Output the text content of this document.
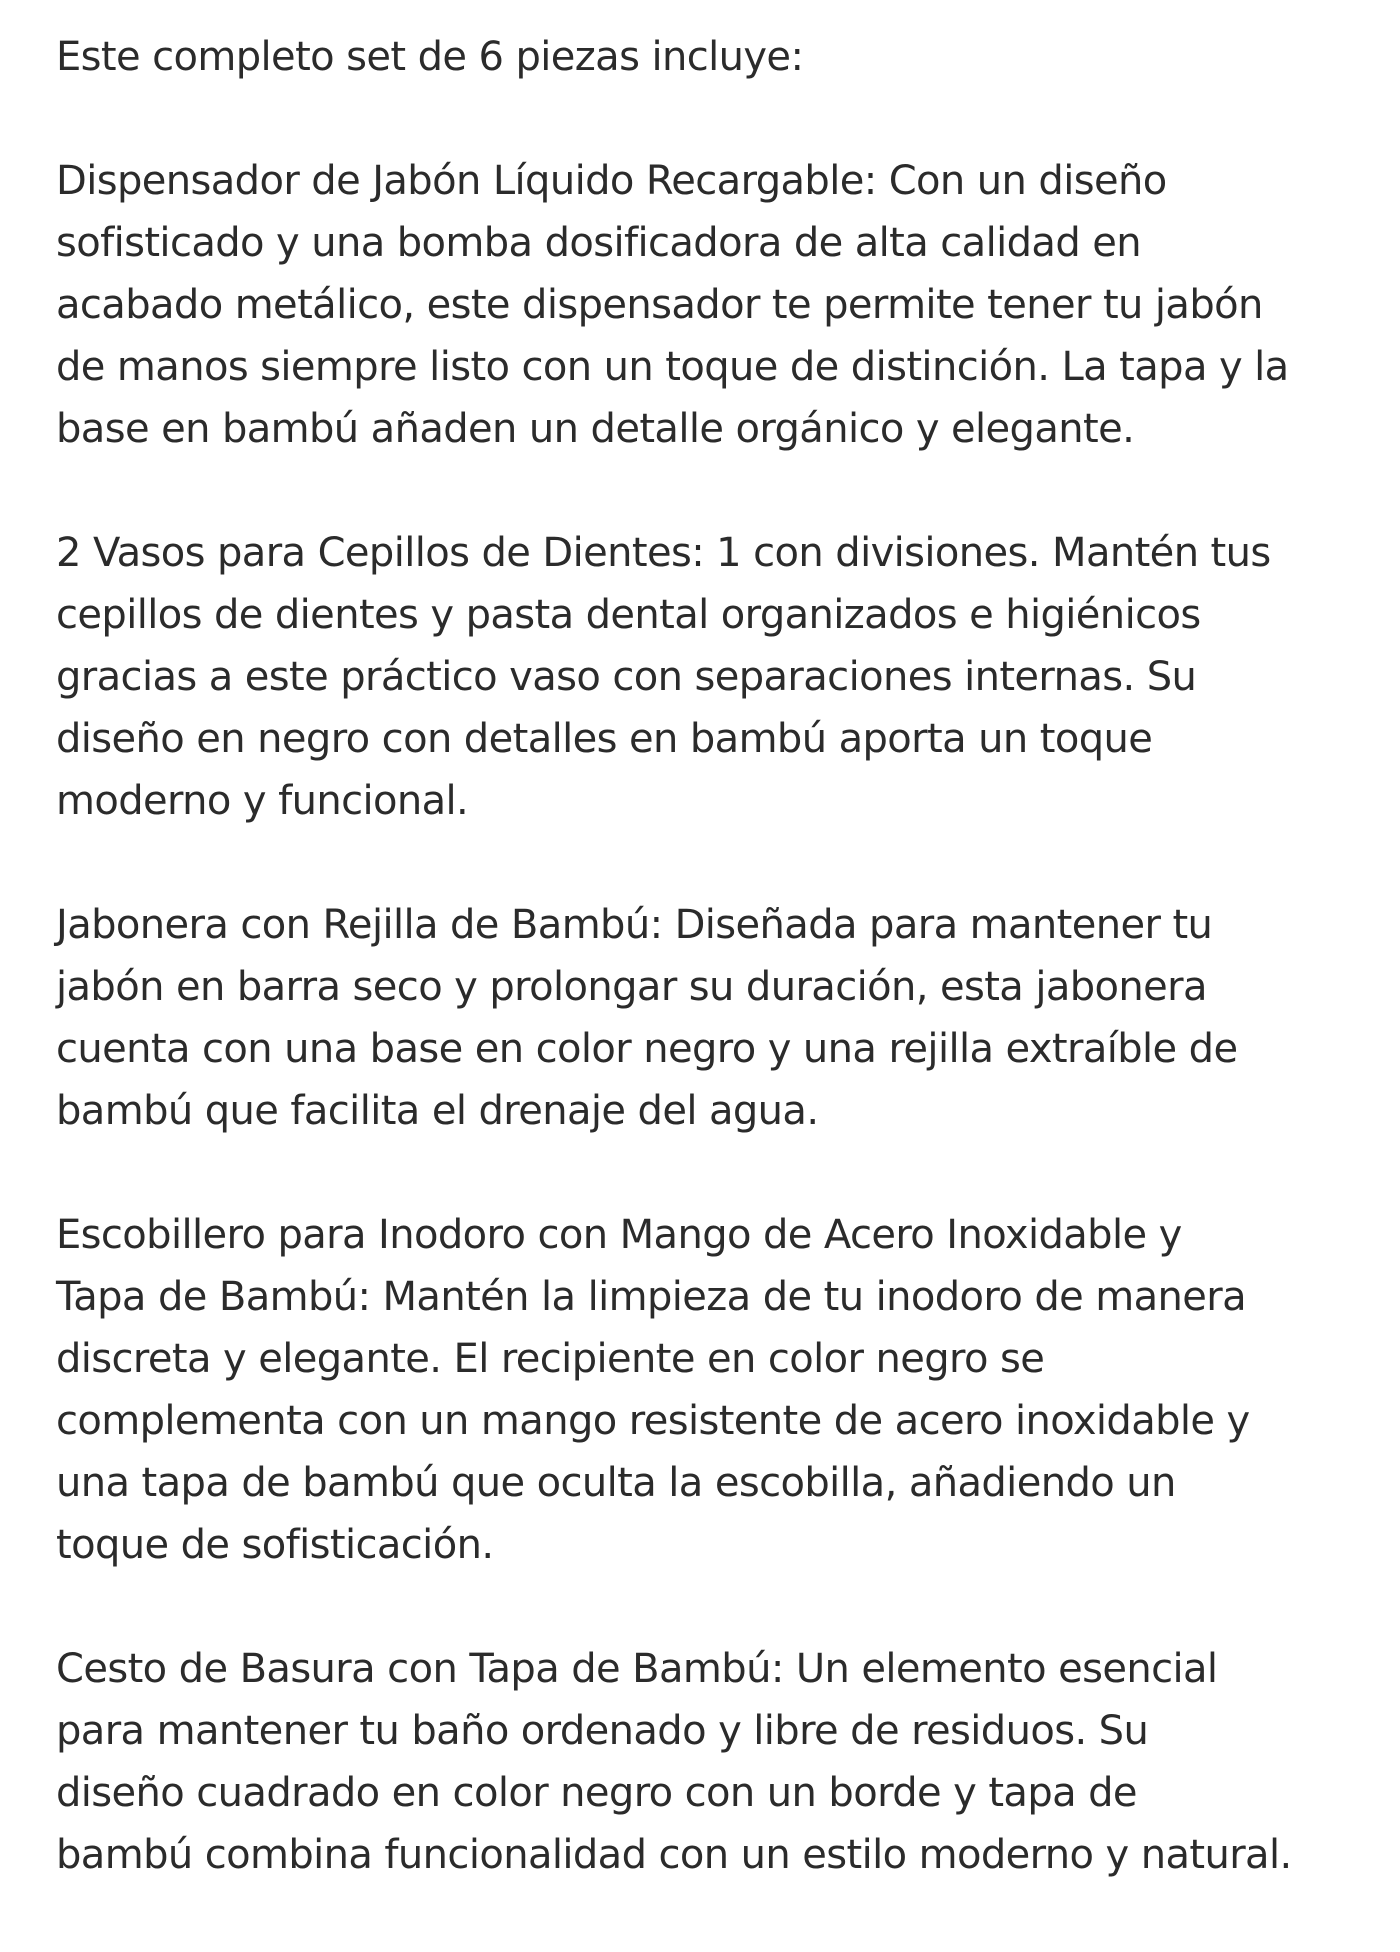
Este completo set de 6 piezas incluye:
Dispensador de Jabón Líquido Recargable: Con un diseño
sofisticado y una bomba dosificadora de alta calidad en
acabado metálico, este dispensador te permite tener tu jabón
de manos siempre listo con un toque de distinción. La tapa y la
base en bambú añaden un detalle orgánico y elegante.
2 Vasos para Cepillos de Dientes: 1 con divisiones. Mantén tus
cepillos de dientes y pasta dental organizados e higiénicos
gracias a este práctico vaso con separaciones internas. Su
diseño en negro con detalles en bambú aporta un toque
moderno y funcional.
Jabonera con Rejilla de Bambú: Diseñada para mantener tu
jabón en barra seco y prolongar su duración, esta jabonera
cuenta con una base en color negro y una rejilla extraíble de
bambú que facilita el drenaje del agua.
Escobillero para Inodoro con Mango de Acero Inoxidable y
Tapa de Bambú: Mantén la limpieza de tu inodoro de manera
discreta y elegante. El recipiente en color negro se
complementa con un mango resistente de acero inoxidable y
una tapa de bambú que oculta la escobilla, añadiendo un
toque de sofisticación.
Cesto de Basura con Tapa de Bambú: Un elemento esencial
para mantener tu baño ordenado y libre de residuos. Su
diseño cuadrado en color negro con un borde y tapa de
bambú combina funcionalidad con un estilo moderno y natural.
